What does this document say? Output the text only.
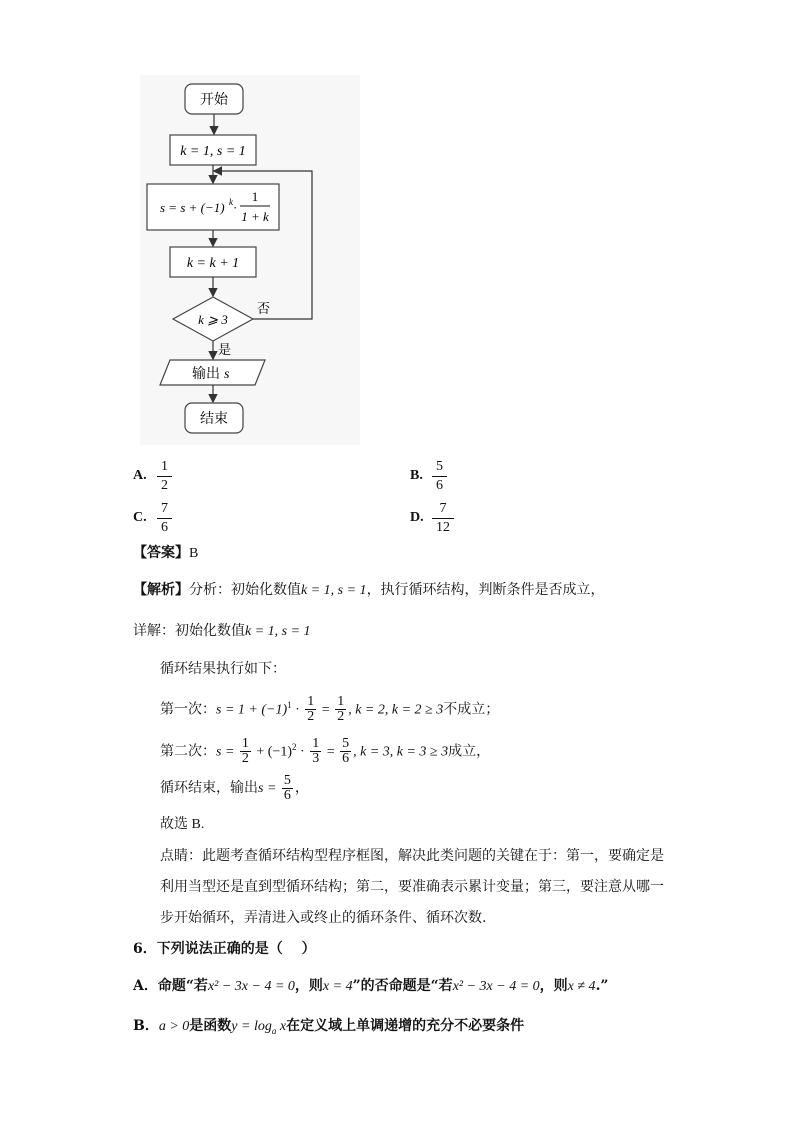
开始
k = 1, s = 1
s = s + (−1) k ·
1
1 + k
k = k + 1
k ⩾ 3
否
是
输出 s
结束
A. $\frac{1}{2}$	B. $\frac{5}{6}$
C. $\frac{7}{6}$	D. $\frac{7}{12}$
【答案】B
【解析】分析：初始化数值k = 1, s = 1，执行循环结构，判断条件是否成立，
详解：初始化数值k = 1, s = 1
循环结果执行如下：
第一次：$s = 1 + (-1)^1 \cdot \frac{1}{2} = \frac{1}{2}$ , k = 2, k = 2 ≥ 3不成立；
第二次：$s = \frac{1}{2} + (-1)^2 \cdot \frac{1}{3} = \frac{5}{6}$ , k = 3, k = 3 ≥ 3成立，
循环结束，输出$s = \frac{5}{6}$ ，
故选 B.
点睛：此题考查循环结构型程序框图，解决此类问题的关键在于：第一，要确定是
利用当型还是直到型循环结构；第二，要准确表示累计变量；第三，要注意从哪一
步开始循环，弄清进入或终止的循环条件、循环次数.
6．下列说法正确的是（　 ）
A．命题“若x² − 3x − 4 = 0，则x = 4”的否命题是“若x² − 3x − 4 = 0，则x ≠ 4.”
B．a > 0是函数$y = \log_a x$在定义域上单调递增的充分不必要条件
